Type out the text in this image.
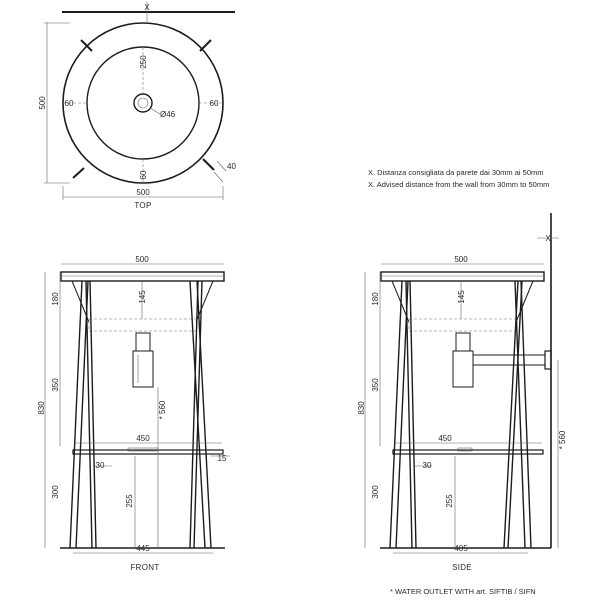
X
60	60
60
250
Ø46
500
500
TOP
40
X. Distanza consigliata da parete dai 30mm ai 50mm
X. Advised distance from the wall from 30mm to 50mm
* WATER OUTLET WITH art. SIFTIB / SIFN
500
830
180
350
300
145
* 560
450
30
15
255
445
FRONT
X
500
830
180
350
300
145
* 560
450
30
255
405
SIDE
